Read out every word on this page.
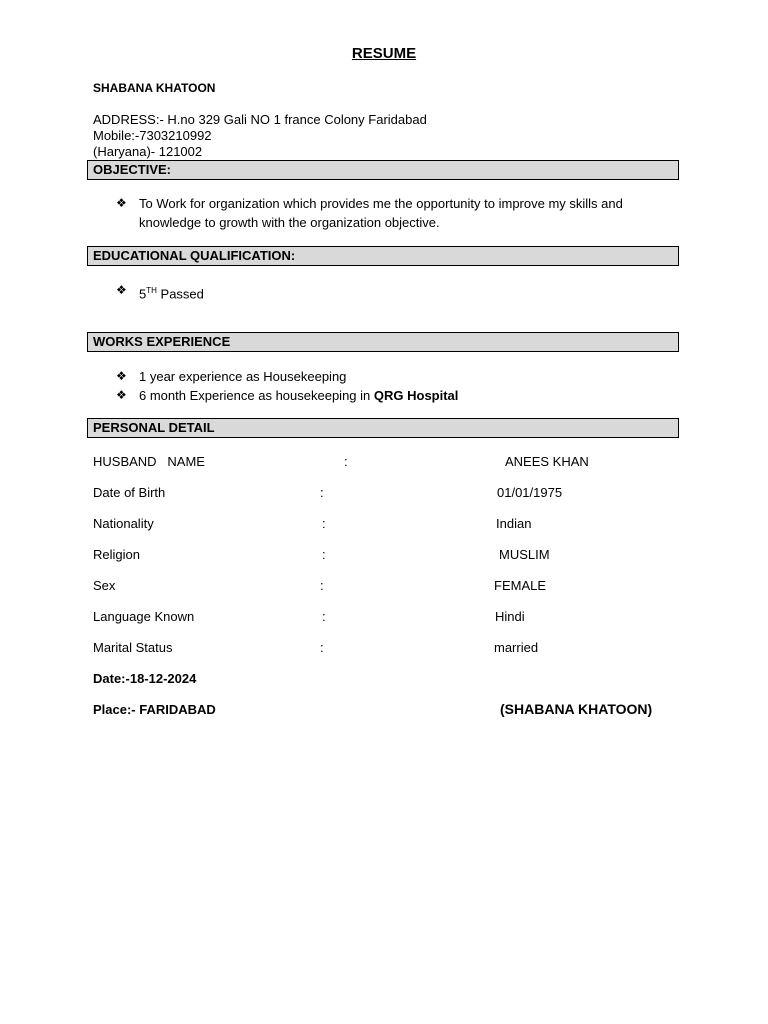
RESUME
SHABANA KHATOON
ADDRESS:- H.no 329 Gali NO 1 france Colony Faridabad
Mobile:-7303210992
(Haryana)- 121002
OBJECTIVE:
❖ To Work for organization which provides me the opportunity to improve my skills and knowledge to growth with the organization objective.
EDUCATIONAL QUALIFICATION:
❖ 5TH Passed
WORKS EXPERIENCE
❖ 1 year experience as Housekeeping
❖ 6 month Experience as housekeeping in QRG Hospital
PERSONAL DETAIL
HUSBAND   NAME	:	ANEES KHAN
Date of Birth	:	01/01/1975
Nationality	:	Indian
Religion	:	MUSLIM
Sex	:	FEMALE
Language Known	:	Hindi
Marital Status	:	married
Date:-18-12-2024
Place:- FARIDABAD	(SHABANA KHATOON)
